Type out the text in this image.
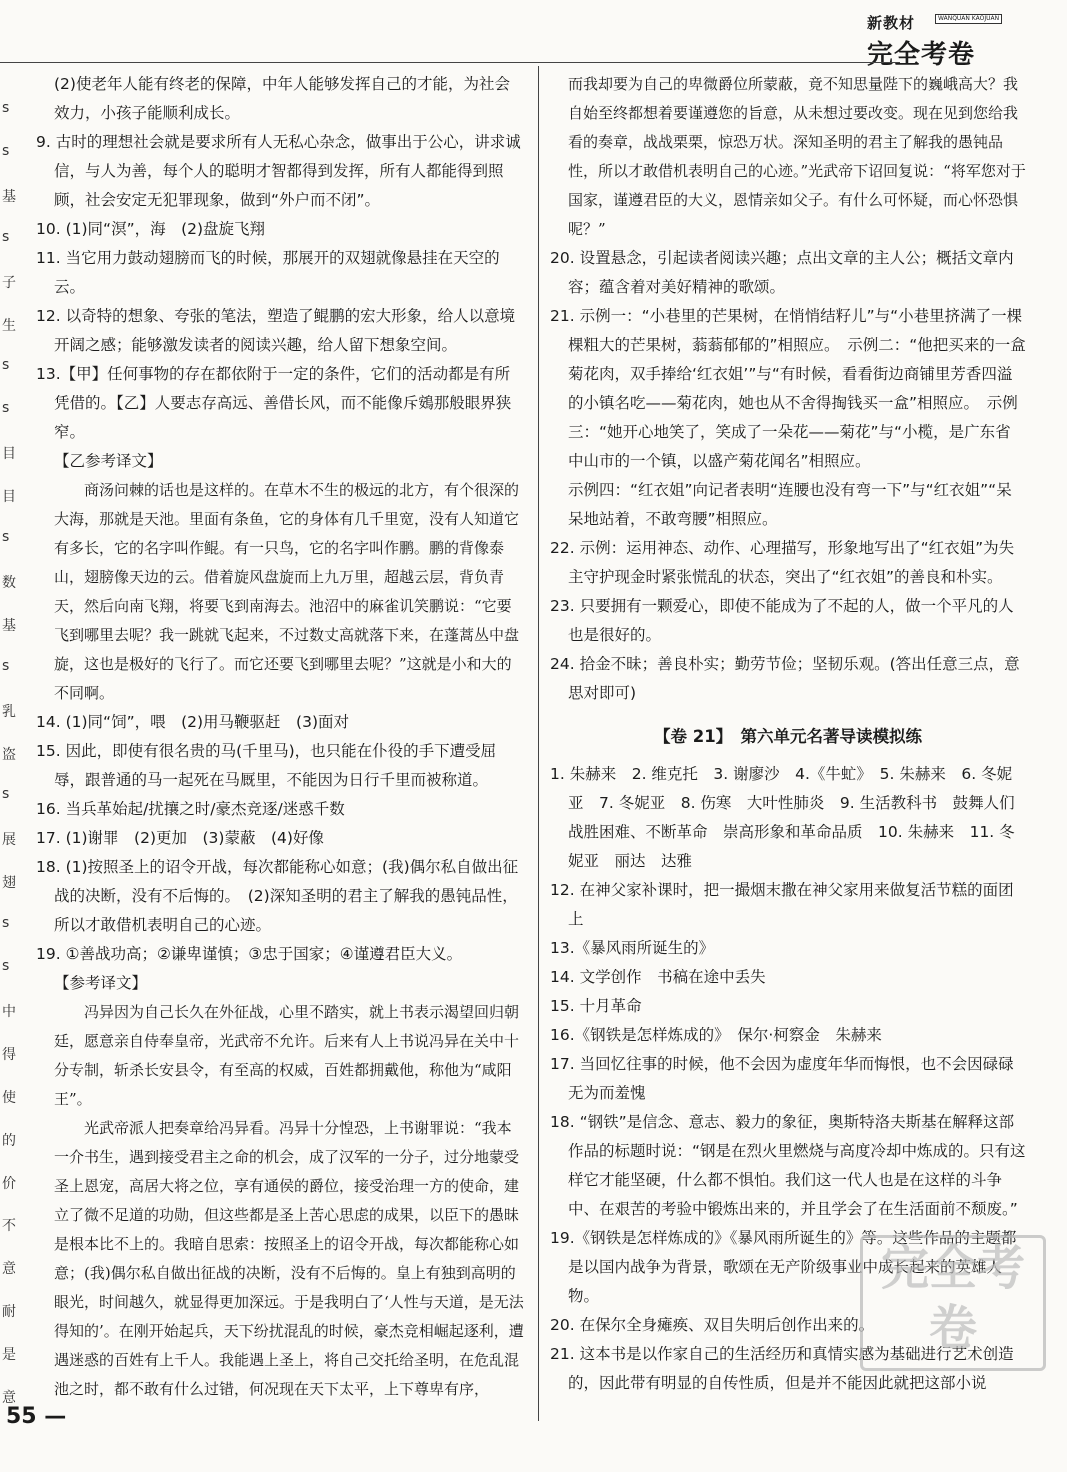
新教材	WANQUAN KAOJUAN
完全考卷
s
s
基
s
子
生
s
s
目
目
s
数
基
s
乳
盗
s
展
翅
s
s
中
得
使
的
价
不
意
耐
是
意

(2)使老年人能有终老的保障，中年人能够发挥自己的才能，为社会效力，小孩子能顺利成长。

9. 古时的理想社会就是要求所有人无私心杂念，做事出于公心，讲求诚信，与人为善，每个人的聪明才智都得到发挥，所有人都能得到照顾，社会安定无犯罪现象，做到“外户而不闭”。

10. (1)同“溟”，海　(2)盘旋飞翔

11. 当它用力鼓动翅膀而飞的时候，那展开的双翅就像悬挂在天空的云。

12. 以奇特的想象、夸张的笔法，塑造了鲲鹏的宏大形象，给人以意境开阔之感；能够激发读者的阅读兴趣，给人留下想象空间。

13.【甲】任何事物的存在都依附于一定的条件，它们的活动都是有所凭借的。【乙】人要志存高远、善借长风，而不能像斥鴳那般眼界狭窄。

【乙参考译文】

商汤问棘的话也是这样的。在草木不生的极远的北方，有个很深的大海，那就是天池。里面有条鱼，它的身体有几千里宽，没有人知道它有多长，它的名字叫作鲲。有一只鸟，它的名字叫作鹏。鹏的背像泰山，翅膀像天边的云。借着旋风盘旋而上九万里，超越云层，背负青天，然后向南飞翔，将要飞到南海去。池沼中的麻雀讥笑鹏说：“它要飞到哪里去呢？我一跳就飞起来，不过数丈高就落下来，在蓬蒿丛中盘旋，这也是极好的飞行了。而它还要飞到哪里去呢？”这就是小和大的不同啊。

14. (1)同“饲”，喂　(2)用马鞭驱赶　(3)面对

15. 因此，即使有很名贵的马(千里马)，也只能在仆役的手下遭受屈辱，跟普通的马一起死在马厩里，不能因为日行千里而被称道。

16. 当兵革始起/扰攘之时/豪杰竞逐/迷惑千数

17. (1)谢罪　(2)更加　(3)蒙蔽　(4)好像

18. (1)按照圣上的诏令开战，每次都能称心如意；(我)偶尔私自做出征战的决断，没有不后悔的。　(2)深知圣明的君主了解我的愚钝品性，所以才敢借机表明自己的心迹。

19. ①善战功高；②谦卑谨慎；③忠于国家；④谨遵君臣大义。

【参考译文】

冯异因为自己长久在外征战，心里不踏实，就上书表示渴望回归朝廷，愿意亲自侍奉皇帝，光武帝不允许。后来有人上书说冯异在关中十分专制，斩杀长安县令，有至高的权威，百姓都拥戴他，称他为“咸阳王”。

光武帝派人把奏章给冯异看。冯异十分惶恐，上书谢罪说：“我本一介书生，遇到接受君主之命的机会，成了汉军的一分子，过分地蒙受圣上恩宠，高居大将之位，享有通侯的爵位，接受治理一方的使命，建立了微不足道的功勋，但这些都是圣上苦心思虑的成果，以臣下的愚昧是根本比不上的。我暗自思索：按照圣上的诏令开战，每次都能称心如意；(我)偶尔私自做出征战的决断，没有不后悔的。皇上有独到高明的眼光，时间越久，就显得更加深远。于是我明白了‘人性与天道，是无法得知的’。在刚开始起兵，天下纷扰混乱的时候，豪杰竞相崛起逐利，遭遇迷惑的百姓有上千人。我能遇上圣上，将自己交托给圣明，在危乱混池之时，都不敢有什么过错，何况现在天下太平，上下尊卑有序，

而我却要为自己的卑微爵位所蒙蔽，竟不知思量陛下的巍峨高大？我自始至终都想着要谨遵您的旨意，从未想过要改变。现在见到您给我看的奏章，战战栗栗，惊恐万状。深知圣明的君主了解我的愚钝品性，所以才敢借机表明自己的心迹。”光武帝下诏回复说：“将军您对于国家，谨遵君臣的大义，恩情亲如父子。有什么可怀疑，而心怀恐惧呢？”

20. 设置悬念，引起读者阅读兴趣；点出文章的主人公；概括文章内容；蕴含着对美好精神的歌颂。

21. 示例一：“小巷里的芒果树，在悄悄结籽儿”与“小巷里挤满了一棵棵粗大的芒果树，蓊蓊郁郁的”相照应。　示例二：“他把买来的一盒菊花肉，双手捧给‘红衣姐’”与“有时候，看看街边商铺里芳香四溢的小镇名吃——菊花肉，她也从不舍得掏钱买一盒”相照应。　示例三：“她开心地笑了，笑成了一朵花——菊花”与“小榄，是广东省中山市的一个镇，以盛产菊花闻名”相照应。

示例四：“红衣姐”向记者表明“连腰也没有弯一下”与“红衣姐”“呆呆地站着，不敢弯腰”相照应。

22. 示例：运用神态、动作、心理描写，形象地写出了“红衣姐”为失主守护现金时紧张慌乱的状态，突出了“红衣姐”的善良和朴实。

23. 只要拥有一颗爱心，即使不能成为了不起的人，做一个平凡的人也是很好的。

24. 拾金不昧；善良朴实；勤劳节俭；坚韧乐观。(答出任意三点，意思对即可)

【卷 21】　第六单元名著导读模拟练

1. 朱赫来　2. 维克托　3. 谢廖沙　4.《牛虻》　5. 朱赫来　6. 冬妮亚　7. 冬妮亚　8. 伤寒　大叶性肺炎　9. 生活教科书　鼓舞人们战胜困难、不断革命　崇高形象和革命品质　10. 朱赫来　11. 冬妮亚　丽达　达雅

12. 在神父家补课时，把一撮烟末撒在神父家用来做复活节糕的面团上

13.《暴风雨所诞生的》

14. 文学创作　书稿在途中丢失

15. 十月革命

16.《钢铁是怎样炼成的》　保尔·柯察金　朱赫来

17. 当回忆往事的时候，他不会因为虚度年华而悔恨，也不会因碌碌无为而羞愧

18. “钢铁”是信念、意志、毅力的象征，奥斯特洛夫斯基在解释这部作品的标题时说：“钢是在烈火里燃烧与高度冷却中炼成的。只有这样它才能坚硬，什么都不惧怕。我们这一代人也是在这样的斗争中、在艰苦的考验中锻炼出来的，并且学会了在生活面前不颓废。”

19.《钢铁是怎样炼成的》《暴风雨所诞生的》等。这些作品的主题都是以国内战争为背景，歌颂在无产阶级事业中成长起来的英雄人物。

20. 在保尔全身瘫痪、双目失明后创作出来的。

21. 这本书是以作家自己的生活经历和真情实感为基础进行艺术创造的，因此带有明显的自传性质，但是并不能因此就把这部小说

完全考卷
55 —
